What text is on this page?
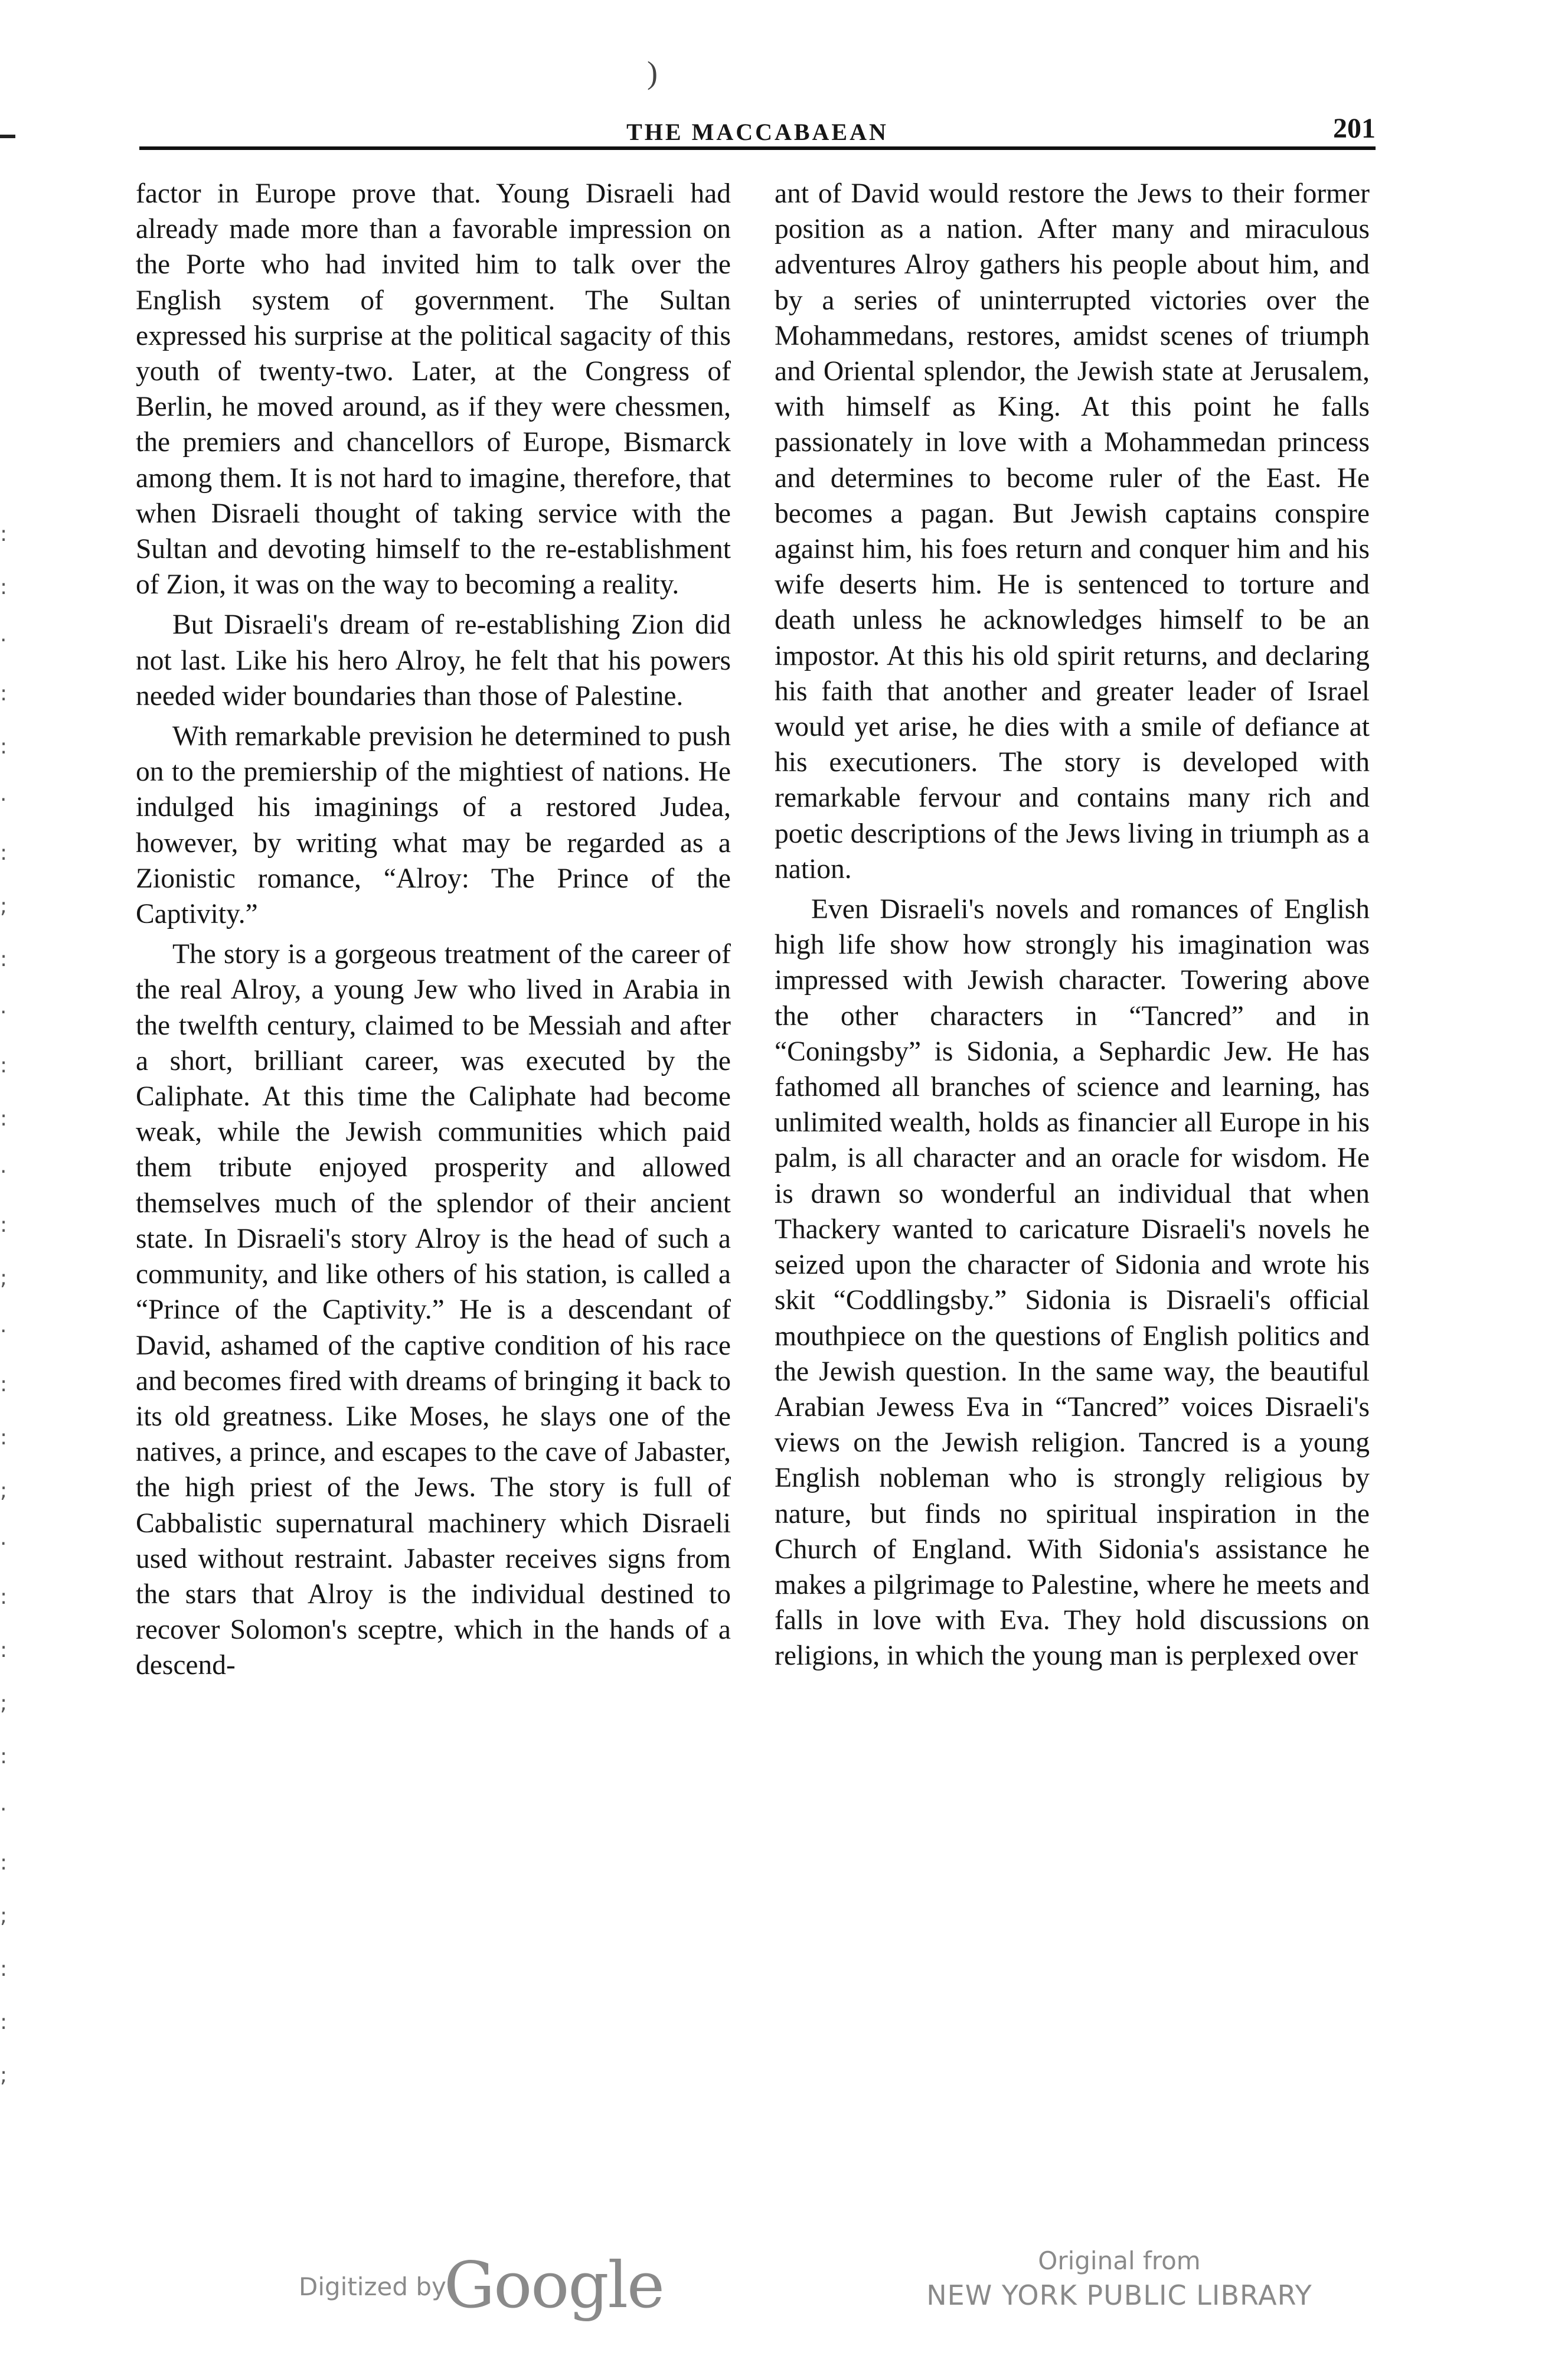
)
THE MACCABAEAN	201
:
:
·
:
:
·
:
;
:
·
:
:
·
:
;
·
:
:
;
·
:
:
;
:
·
:
;
:
:
;

factor in Europe prove that. Young Disraeli had already made more than a favorable impression on the Porte who had invited him to talk over the English system of government. The Sultan expressed his surprise at the political sagacity of this youth of twenty-two. Later, at the Congress of Berlin, he moved around, as if they were chessmen, the premiers and chancellors of Europe, Bismarck among them. It is not hard to imagine, therefore, that when Disraeli thought of taking service with the Sultan and devoting himself to the re-establishment of Zion, it was on the way to becoming a reality.

But Disraeli's dream of re-establishing Zion did not last. Like his hero Alroy, he felt that his powers needed wider boundaries than those of Palestine.

With remarkable prevision he determined to push on to the premiership of the mightiest of nations. He indulged his imaginings of a restored Judea, however, by writing what may be regarded as a Zionistic romance, “Alroy: The Prince of the Captivity.”

The story is a gorgeous treatment of the career of the real Alroy, a young Jew who lived in Arabia in the twelfth century, claimed to be Messiah and after a short, brilliant career, was executed by the Caliphate. At this time the Caliphate had become weak, while the Jewish communities which paid them tribute enjoyed prosperity and allowed themselves much of the splendor of their ancient state. In Disraeli's story Alroy is the head of such a community, and like others of his station, is called a “Prince of the Captivity.” He is a descendant of David, ashamed of the captive condition of his race and becomes fired with dreams of bringing it back to its old greatness. Like Moses, he slays one of the natives, a prince, and escapes to the cave of Jabaster, the high priest of the Jews. The story is full of Cabbalistic supernatural machinery which Disraeli used without restraint. Jabaster receives signs from the stars that Alroy is the individual destined to recover Solomon's sceptre, which in the hands of a descend-

ant of David would restore the Jews to their former position as a nation. After many and miraculous adventures Alroy gathers his people about him, and by a series of uninterrupted victories over the Mohammedans, restores, amidst scenes of triumph and Oriental splendor, the Jewish state at Jerusalem, with himself as King. At this point he falls passionately in love with a Mohammedan princess and determines to become ruler of the East. He becomes a pagan. But Jewish captains conspire against him, his foes return and conquer him and his wife deserts him. He is sentenced to torture and death unless he acknowledges himself to be an impostor. At this his old spirit returns, and declaring his faith that another and greater leader of Israel would yet arise, he dies with a smile of defiance at his executioners. The story is developed with remarkable fervour and contains many rich and poetic descriptions of the Jews living in triumph as a nation.

Even Disraeli's novels and romances of English high life show how strongly his imagination was impressed with Jewish character. Towering above the other characters in “Tancred” and in “Coningsby” is Sidonia, a Sephardic Jew. He has fathomed all branches of science and learning, has unlimited wealth, holds as financier all Europe in his palm, is all character and an oracle for wisdom. He is drawn so wonderful an individual that when Thackery wanted to caricature Disraeli's novels he seized upon the character of Sidonia and wrote his skit “Coddlingsby.” Sidonia is Disraeli's official mouthpiece on the questions of English politics and the Jewish question. In the same way, the beautiful Arabian Jewess Eva in “Tancred” voices Disraeli's views on the Jewish religion. Tancred is a young English nobleman who is strongly religious by nature, but finds no spiritual inspiration in the Church of England. With Sidonia's assistance he makes a pilgrimage to Palestine, where he meets and falls in love with Eva. They hold discussions on religions, in which the young man is perplexed over

Digitized by
Google	Original from
NEW YORK PUBLIC LIBRARY
